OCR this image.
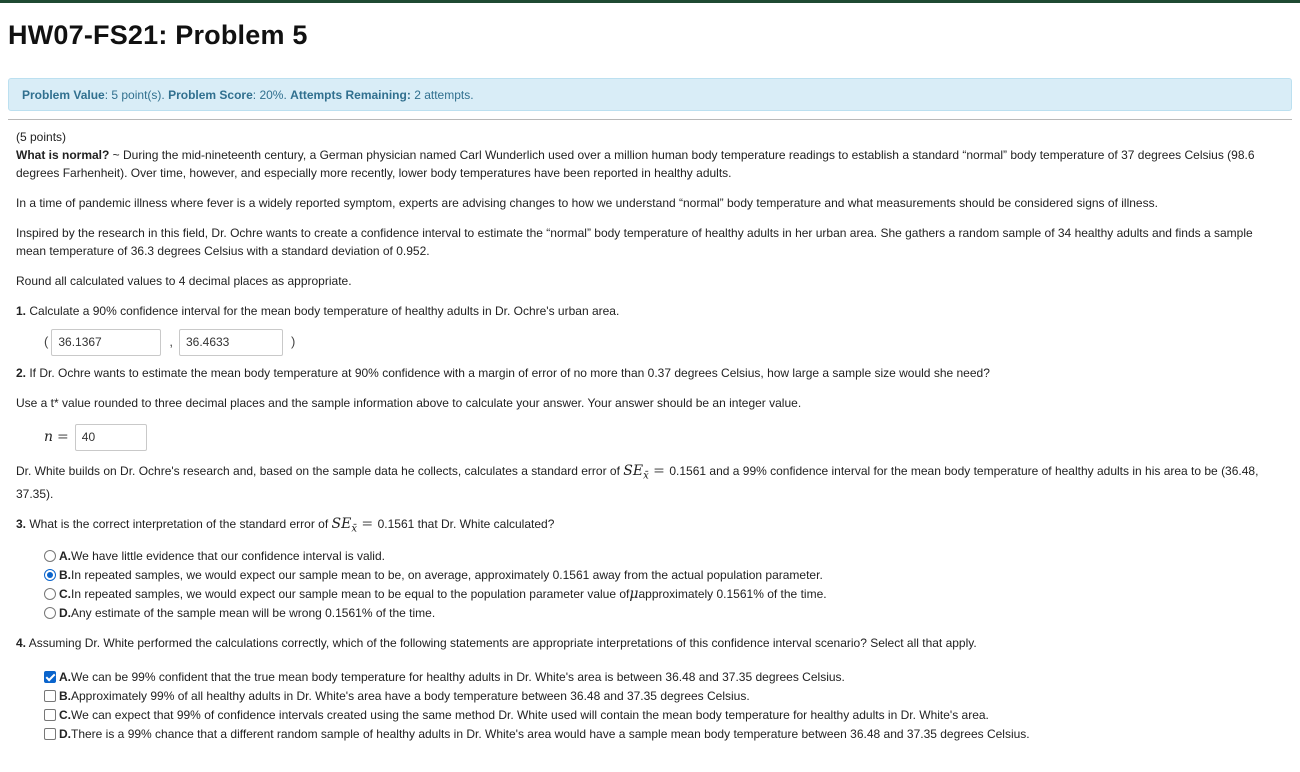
HW07-FS21: Problem 5
Problem Value: 5 point(s). Problem Score: 20%. Attempts Remaining: 2 attempts.

(5 points)

What is normal? ~ During the mid-nineteenth century, a German physician named Carl Wunderlich used over a million human body temperature readings to establish a standard “normal” body temperature of 37 degrees Celsius (98.6 degrees Farhenheit). Over time, however, and especially more recently, lower body temperatures have been reported in healthy adults.

In a time of pandemic illness where fever is a widely reported symptom, experts are advising changes to how we understand “normal” body temperature and what measurements should be considered signs of illness.

Inspired by the research in this field, Dr. Ochre wants to create a confidence interval to estimate the “normal” body temperature of healthy adults in her urban area. She gathers a random sample of 34 healthy adults and finds a sample mean temperature of 36.3 degrees Celsius with a standard deviation of 0.952.

Round all calculated values to 4 decimal places as appropriate.

1. Calculate a 90% confidence interval for the mean body temperature of healthy adults in Dr. Ochre's urban area.

( 36.1367	,	36.4633	)

2. If Dr. Ochre wants to estimate the mean body temperature at 90% confidence with a margin of error of no more than 0.37 degrees Celsius, how large a sample size would she need?

Use a t* value rounded to three decimal places and the sample information above to calculate your answer. Your answer should be an integer value.

n =	40

Dr. White builds on Dr. Ochre's research and, based on the sample data he collects, calculates a standard error of $SE_{x̄} = 0.1561$ and a 99% confidence interval for the mean body temperature of healthy adults in his area to be (36.48, 37.35).

3. What is the correct interpretation of the standard error of $SE_{x̄} = 0.1561$ that Dr. White calculated?

A. We have little evidence that our confidence interval is valid.
B. In repeated samples, we would expect our sample mean to be, on average, approximately 0.1561 away from the actual population parameter.
C. In repeated samples, we would expect our sample mean to be equal to the population parameter value of μ approximately 0.1561% of the time.
D. Any estimate of the sample mean will be wrong 0.1561% of the time.

4. Assuming Dr. White performed the calculations correctly, which of the following statements are appropriate interpretations of this confidence interval scenario? Select all that apply.

A. We can be 99% confident that the true mean body temperature for healthy adults in Dr. White's area is between 36.48 and 37.35 degrees Celsius.
B. Approximately 99% of all healthy adults in Dr. White's area have a body temperature between 36.48 and 37.35 degrees Celsius.
C. We can expect that 99% of confidence intervals created using the same method Dr. White used will contain the mean body temperature for healthy adults in Dr. White's area.
D. There is a 99% chance that a different random sample of healthy adults in Dr. White's area would have a sample mean body temperature between 36.48 and 37.35 degrees Celsius.
